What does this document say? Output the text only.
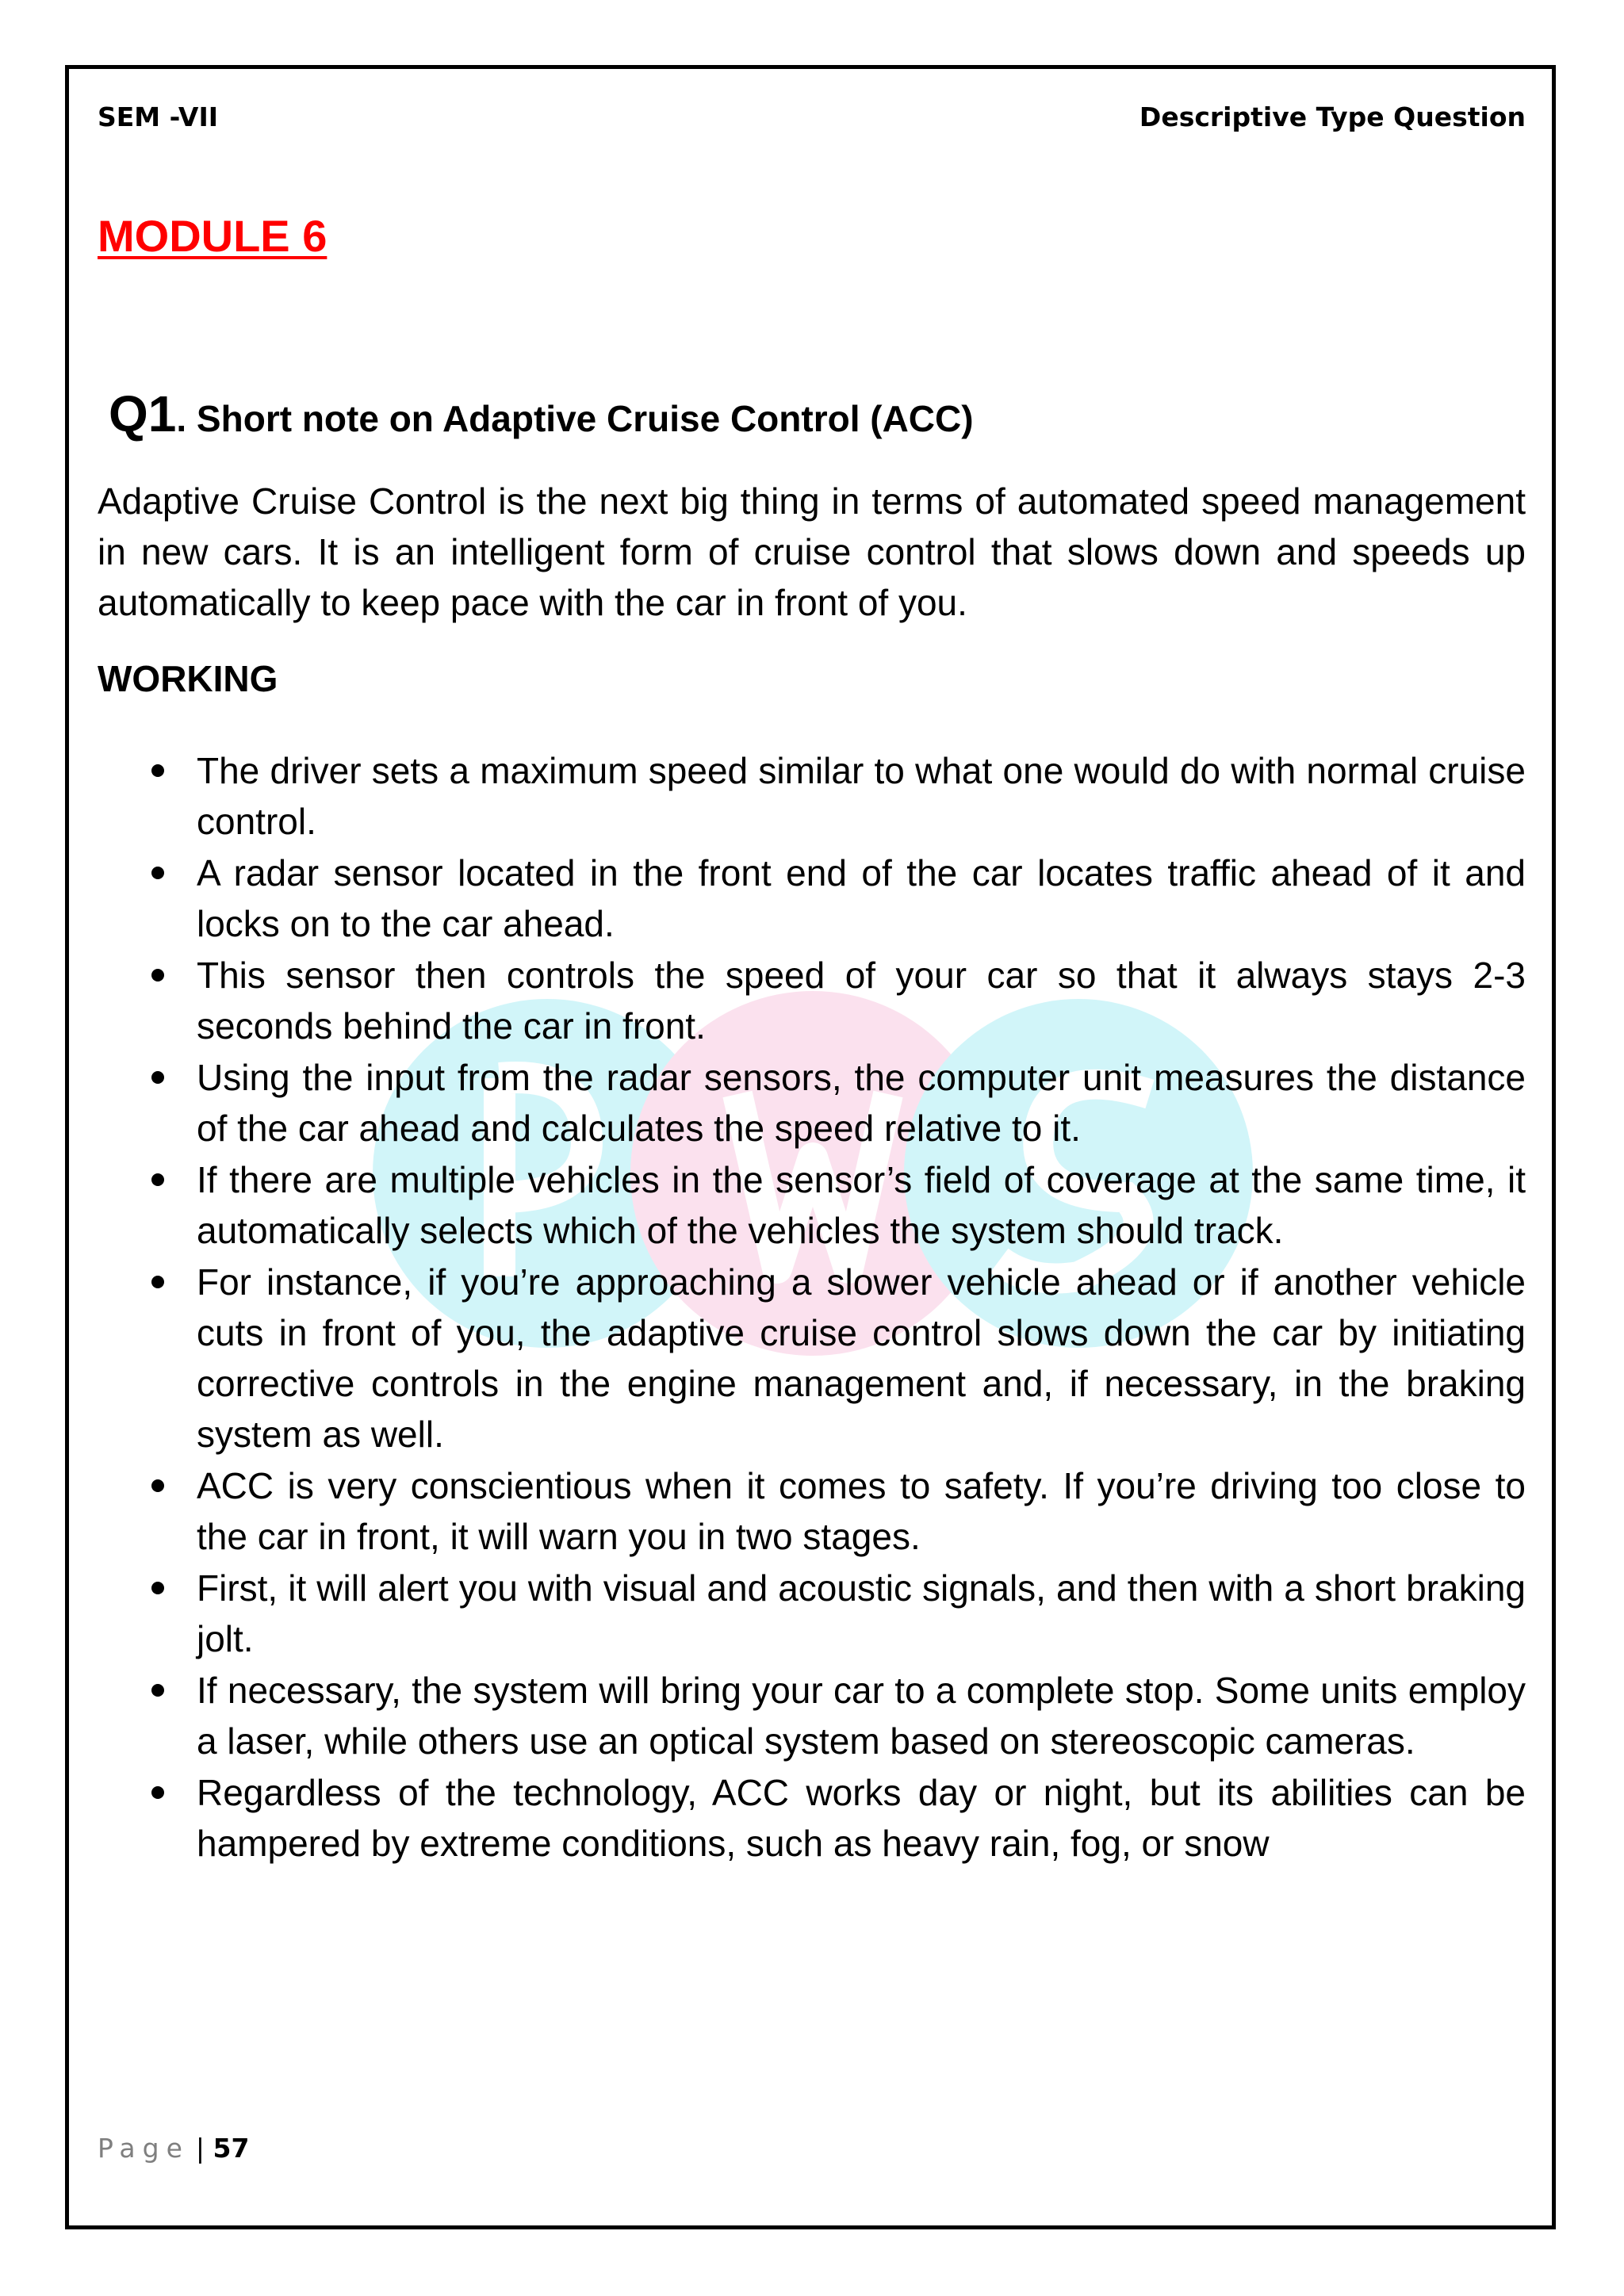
SEM -VII	Descriptive Type Question
MODULE 6
Q1. Short note on Adaptive Cruise Control (ACC)

Adaptive Cruise Control is the next big thing in terms of automated speed management in new cars. It is an intelligent form of cruise control that slows down and speeds up automatically to keep pace with the car in front of you.

WORKING
The driver sets a maximum speed similar to what one would do with normal cruise control.
A radar sensor located in the front end of the car locates traffic ahead of it and locks on to the car ahead.
This sensor then controls the speed of your car so that it always stays 2-3 seconds behind the car in front.
Using the input from the radar sensors, the computer unit measures the distance of the car ahead and calculates the speed relative to it.
If there are multiple vehicles in the sensor’s field of coverage at the same time, it automatically selects which of the vehicles the system should track.
For instance, if you’re approaching a slower vehicle ahead or if another vehicle cuts in front of you, the adaptive cruise control slows down the car by initiating corrective controls in the engine management and, if necessary, in the braking system as well.
ACC is very conscientious when it comes to safety. If you’re driving too close to the car in front, it will warn you in two stages.
First, it will alert you with visual and acoustic signals, and then with a short braking jolt.
If necessary, the system will bring your car to a complete stop. Some units employ a laser, while others use an optical system based on stereoscopic cameras.
Regardless of the technology, ACC works day or night, but its abilities can be hampered by extreme conditions, such as heavy rain, fog, or snow
Page | 57
